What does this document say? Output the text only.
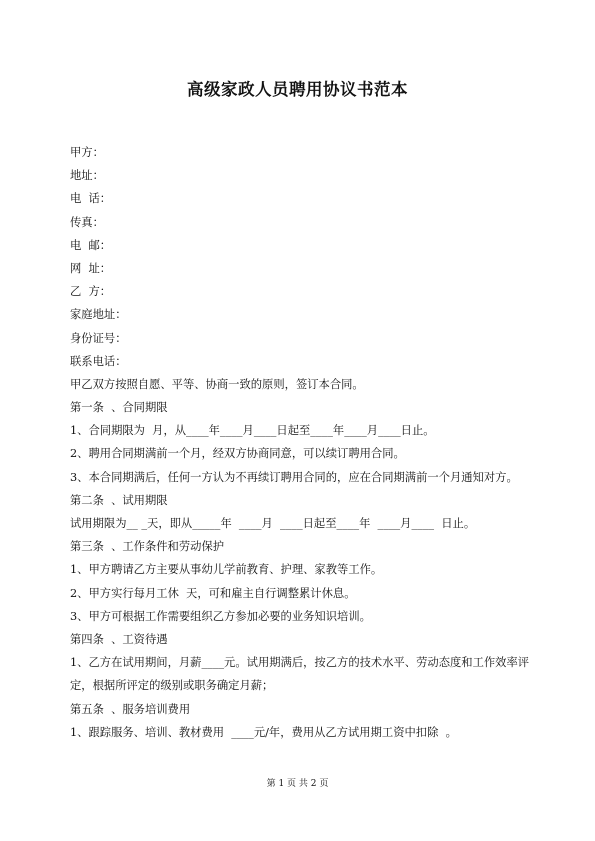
高级家政人员聘用协议书范本
甲方：
地址：
电  话：
传真：
电  邮：
网  址：
乙  方：
家庭地址：
身份证号：
联系电话：
甲乙双方按照自愿、平等、协商一致的原则，签订本合同。
第一条  、合同期限
1、合同期限为  月，从____年____月____日起至____年____月____日止。
2、聘用合同期满前一个月，经双方协商同意，可以续订聘用合同。
3、本合同期满后，任何一方认为不再续订聘用合同的，应在合同期满前一个月通知对方。
第二条  、试用期限
试用期限为__ _天，即从_____年  ____月  ____日起至____年  ____月____  日止。
第三条  、工作条件和劳动保护
1、甲方聘请乙方主要从事幼儿学前教育、护理、家教等工作。
2、甲方实行每月工休  天，可和雇主自行调整累计休息。
3、甲方可根据工作需要组织乙方参加必要的业务知识培训。
第四条  、工资待遇
1、乙方在试用期间，月薪____元。试用期满后，按乙方的技术水平、劳动态度和工作效率评定，根据所评定的级别或职务确定月薪；
第五条  、服务培训费用
1、跟踪服务、培训、教材费用  ____元/年，费用从乙方试用期工资中扣除  。
第 1 页 共 2 页
